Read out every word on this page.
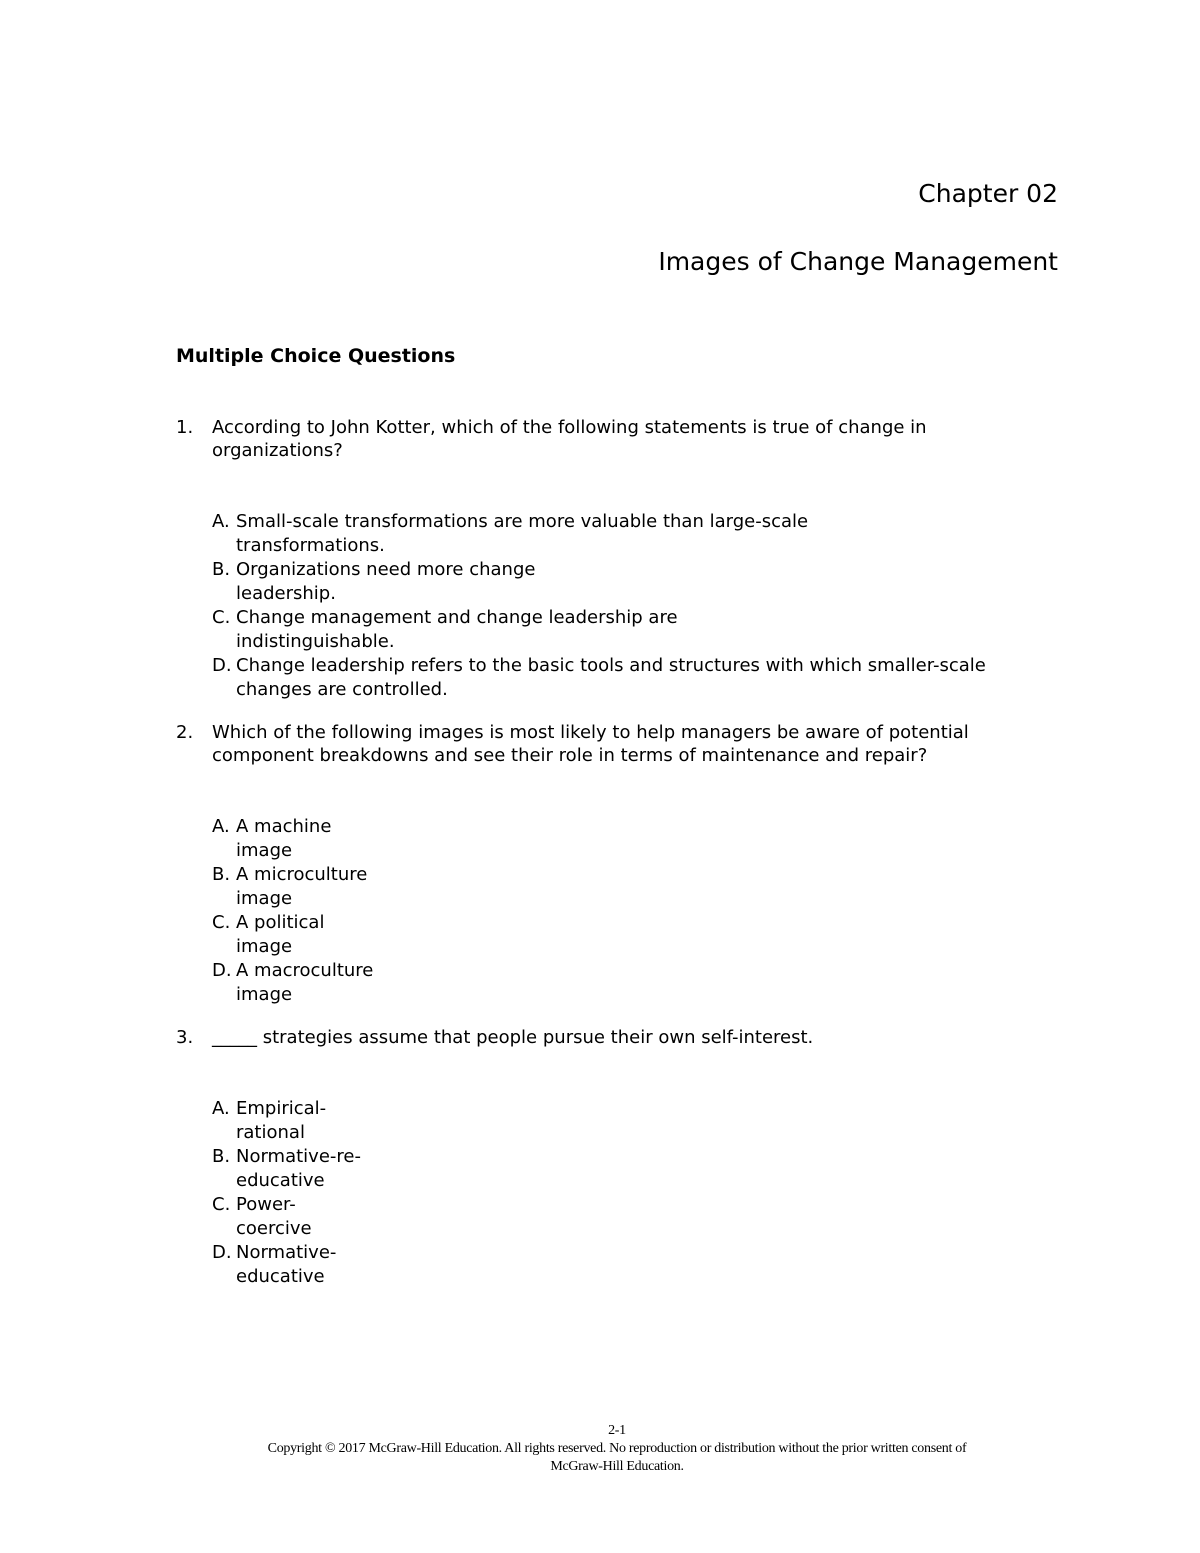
Chapter 02
Images of Change Management
Multiple Choice Questions
1. According to John Kotter, which of the following statements is true of change in organizations?
A. Small-scale transformations are more valuable than large-scale transformations.
B. Organizations need more change leadership.
C. Change management and change leadership are indistinguishable.
D. Change leadership refers to the basic tools and structures with which smaller-scale changes are controlled.
2. Which of the following images is most likely to help managers be aware of potential component breakdowns and see their role in terms of maintenance and repair?
A. A machine image
B. A microculture image
C. A political image
D. A macroculture image
3. _____ strategies assume that people pursue their own self-interest.
A. Empirical-rational
B. Normative-re-educative
C. Power-coercive
D. Normative-educative
2-1
Copyright © 2017 McGraw-Hill Education. All rights reserved. No reproduction or distribution without the prior written consent of
McGraw-Hill Education.
